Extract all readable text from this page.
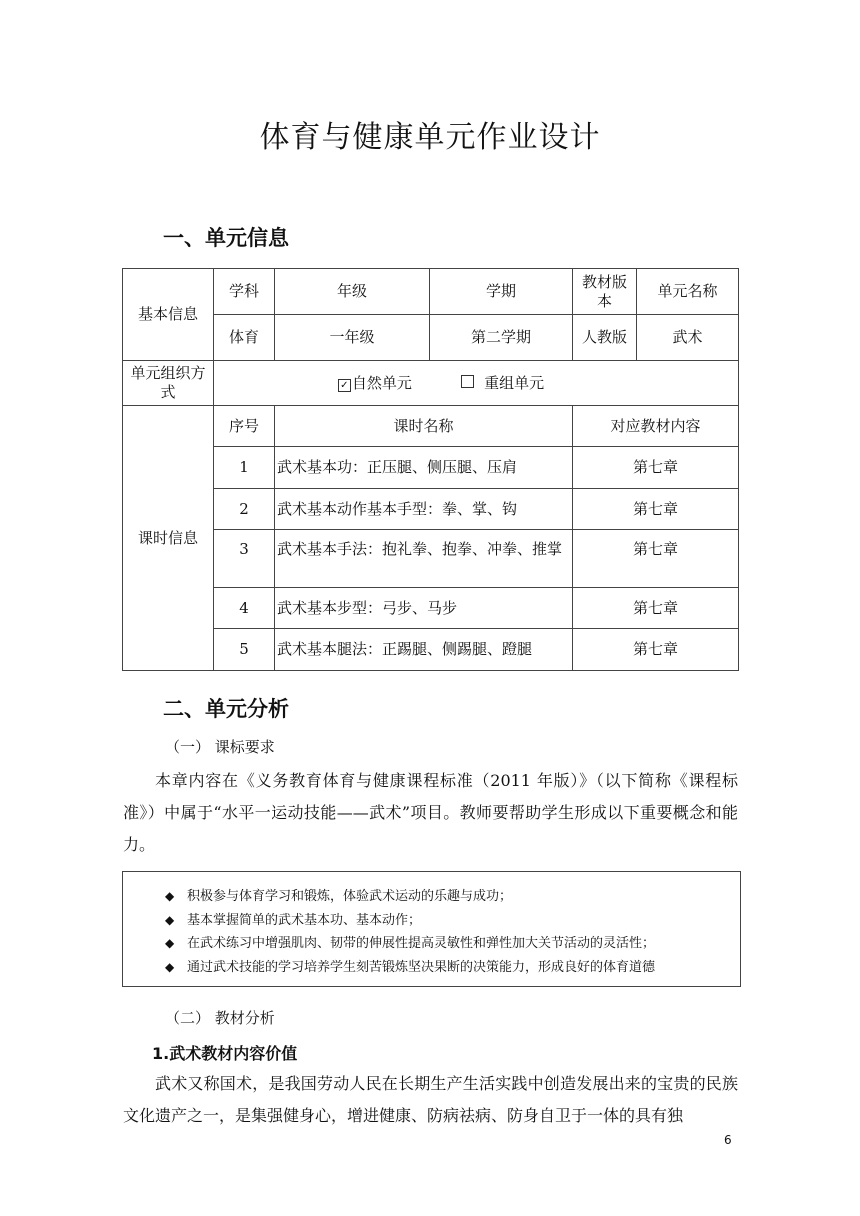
体育与健康单元作业设计
一、单元信息
基本信息	学科	年级	学期	教材版本	单元名称
	体育	一年级	第二学期	人教版	武术
单元组织方式	✓ 自然单元 重组单元				
课时信息	序号	课时名称		对应教材内容	
	1	武术基本功：正压腿、侧压腿、压肩		第七章	
	2	武术基本动作基本手型：拳、掌、钩		第七章	
	3	武术基本手法：抱礼拳、抱拳、冲拳、推掌		第七章	
	4	武术基本步型：弓步、马步		第七章	
	5	武术基本腿法：正踢腿、侧踢腿、蹬腿		第七章	
二、单元分析
（一） 课标要求
本章内容在《义务教育体育与健康课程标准（2011 年版）》（以下简称《课程标准》）中属于“水平一运动技能——武术”项目。教师要帮助学生形成以下重要概念和能力。
◆ 积极参与体育学习和锻炼，体验武术运动的乐趣与成功；
◆ 基本掌握简单的武术基本功、基本动作；
◆ 在武术练习中增强肌肉、韧带的伸展性提高灵敏性和弹性加大关节活动的灵活性；
◆ 通过武术技能的学习培养学生刻苦锻炼坚决果断的决策能力，形成良好的体育道德
（二） 教材分析
1.武术教材内容价值
武术又称国术，是我国劳动人民在长期生产生活实践中创造发展出来的宝贵的民族文化遗产之一，是集强健身心，增进健康、防病祛病、防身自卫于一体的具有独
6
